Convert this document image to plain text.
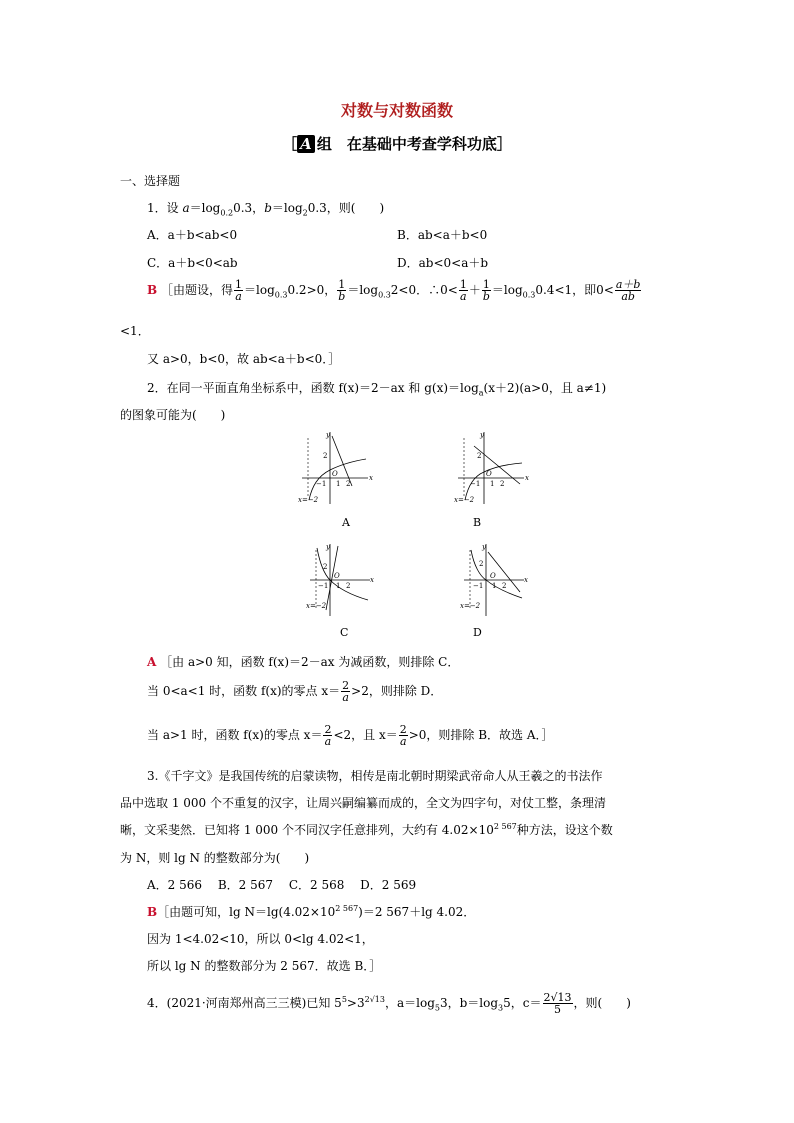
对数与对数函数
［ A 组　在基础中考查学科功底］
一、选择题
1．设 $a=\log_{0.2}0.3$，$b=\log_20.3$，则(　　)
A．a＋b<ab<0	B．ab<a＋b<0
C．a＋b<0<ab	D．ab<0<a＋b
B ［由题设，得 $\frac{1}{a} =\log_{0.3}0.2>0$， $\frac{1}{b} =\log_{0.3}2<0$．∴0< $\frac{1}{a} + \frac{1}{b} =\log_{0.3}0.4<1$，即$0< \frac{a+b}{ab}$
<1．
又 a>0，b<0，故 ab<a＋b<0．］
2．在同一平面直角坐标系中，函数 f(x)＝2－ax 和 $g(x)=\log_a(x+2)(a>0$，且 a≠1)
的图象可能为(　　)
y
x
O
2
−1 1 2
x=−2
A
y
x
O
2
−1 1 2
x=−2
B
y
x
O
2
−1 1 2
x=−2
C
y
x
O
2
−1 1 2
x=−2
D
A ［由 a>0 知，函数 f(x)＝2－ax 为减函数，则排除 C．
当 0<a<1 时，函数 f(x)的零点 $x= \frac{2}{a} >2$，则排除 D．
当 a>1 时，函数 f(x)的零点 $x= \frac{2}{a} <2$，且 $x= \frac{2}{a} >0$，则排除 B．故选 A．］
3.《千字文》是我国传统的启蒙读物，相传是南北朝时期梁武帝命人从王羲之的书法作
品中选取 1 000 个不重复的汉字，让周兴嗣编纂而成的，全文为四字句，对仗工整，条理清
晰，文采斐然．已知将 1 000 个不同汉字任意排列，大约有 $4.02\times 10^{2 567}$种方法，设这个数
为 N，则 lg N 的整数部分为(　　)
A．2 566　 B．2 567　 C．2 568　 D．2 569
B［由题可知，$\lg N=\lg(4.02\times 10^{2 567})=2$ 567＋lg 4.02．
因为 1<4.02<10，所以 0<lg 4.02<1，
所以 lg N 的整数部分为 2 567．故选 B．］
4．(2021·河南郑州高三三模)已知 $5^5>3^{2√13}$，$a=\log_53$，$b=\log_35$，$c= \frac{2√13}{5}$ ，则(　　)
